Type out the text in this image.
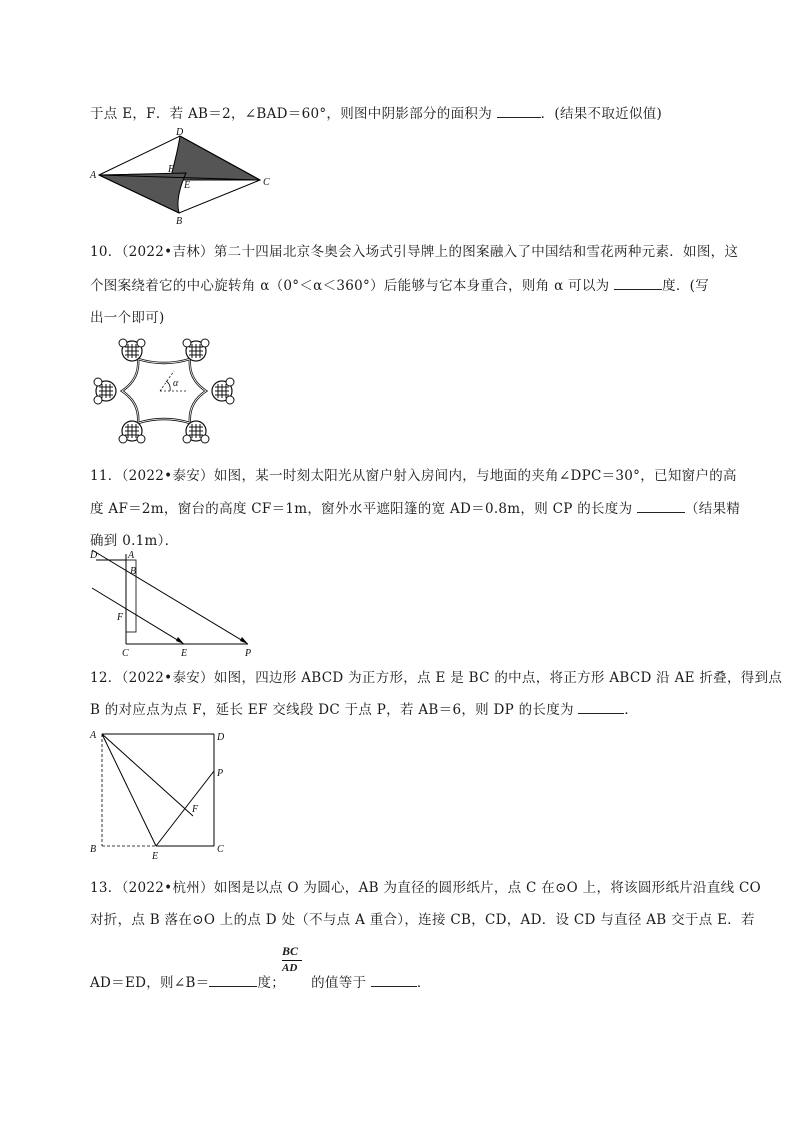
于点 E，F．若 AB＝2，∠BAD＝60°，则图中阴影部分的面积为	．(结果不取近似值)
D
A
C
B
F
E
10．（2022•吉林）第二十四届北京冬奥会入场式引导牌上的图案融入了中国结和雪花两种元素．如图，这
个图案绕着它的中心旋转角 α（0°＜α＜360°）后能够与它本身重合，则角 α 可以为	度．(写
出一个即可)
α
11．（2022•泰安）如图，某一时刻太阳光从窗户射入房间内，与地面的夹角∠DPC＝30°，已知窗户的高
度 AF＝2m，窗台的高度 CF＝1m，窗外水平遮阳篷的宽 AD＝0.8m，则 CP 的长度为	（结果精
确到 0.1m）．
D	A
B
F
C	E	P
12．（2022•泰安）如图，四边形 ABCD 为正方形，点 E 是 BC 的中点，将正方形 ABCD 沿 AE 折叠，得到点
B 的对应点为点 F，延长 EF 交线段 DC 于点 P，若 AB＝6，则 DP 的长度为	．
A	D
P
F
B
E
C
13．（2022•杭州）如图是以点 O 为圆心，AB 为直径的圆形纸片，点 C 在⊙O 上，将该圆形纸片沿直线 CO
对折，点 B 落在⊙O 上的点 D 处（不与点 A 重合），连接 CB，CD，AD．设 CD 与直径 AB 交于点 E．若
AD＝ED，则∠B＝	度； 的值等于	．
BC
AD
